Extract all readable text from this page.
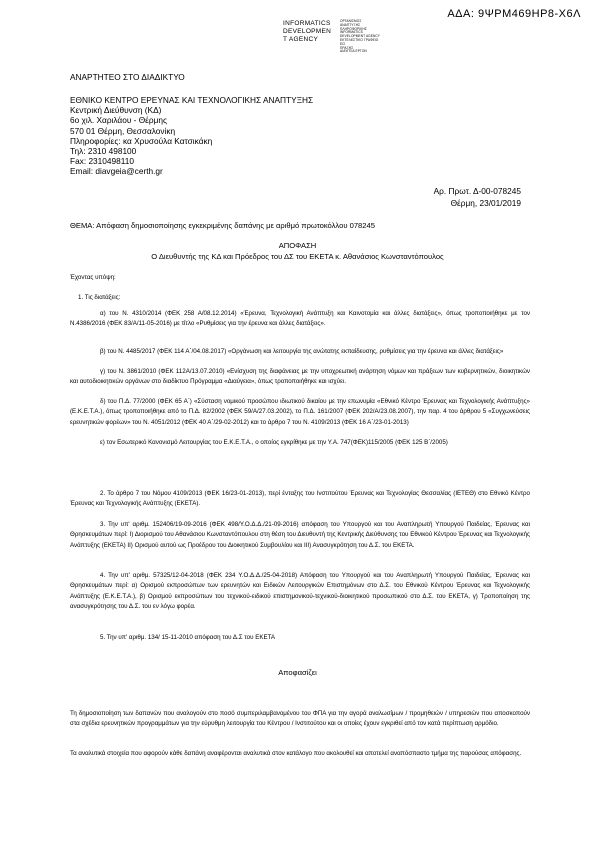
ΑΔΑ: 9ΨΡΜ469ΗΡ8-Χ6Λ
INFORMATICS
DEVELOPMEN
T AGENCY
ΟΡΓΑΝΙΣΜΟΣ
ΑΝΑΠΤΥΞΗΣ
ΠΛΗΡΟΦΟΡΙΚΗΣ
INFORMATICS
DEVELOPMENT AGENCY
ΕΚΤΕΛΕΣΤΙΚΟ ΓΡΑΦΕΙΟ
ΕΙΣ
ΠΡΑΞΗΣ
ΔΙΑΥΓΕΙΑ ΕΡΓΟΝ
ΑΝΑΡΤΗΤΕΟ ΣΤΟ ΔΙΑΔΙΚΤΥΟ
ΕΘΝΙΚΟ ΚΕΝΤΡΟ ΕΡΕΥΝΑΣ ΚΑΙ ΤΕΧΝΟΛΟΓΙΚΗΣ ΑΝΑΠΤΥΞΗΣ
Κεντρική Διεύθυνση (ΚΔ)
6ο χιλ. Χαριλάου - Θέρμης
570 01 Θέρμη, Θεσσαλονίκη
Πληροφορίες: κα Χρυσούλα Κατσικάκη
Τηλ: 2310 498100
Fax: 2310498110
Email: diavgeia@certh.gr
Αρ. Πρωτ. Δ-00-078245
Θέρμη, 23/01/2019
ΘΕΜΑ: Απόφαση δημοσιοποίησης εγκεκριμένης δαπάνης με αριθμό πρωτοκόλλου 078245
ΑΠΟΦΑΣΗ
Ο Διευθυντής της ΚΔ και Πρόεδρος του ΔΣ του ΕΚΕΤΑ κ. Αθανάσιος Κωνσταντόπουλος
Έχοντας υπόψη:
1. Τις διατάξεις:
α) του Ν. 4310/2014 (ΦΕΚ 258 Α/08.12.2014) «Έρευνα, Τεχνολογική Ανάπτυξη και Καινοτομία και άλλες διατάξεις», όπως τροποποιήθηκε με τον Ν.4386/2016 (ΦΕΚ 83/Α/11-05-2016) με τίτλο «Ρυθμίσεις για την έρευνα και άλλες διατάξεις».
β) του Ν. 4485/2017 (ΦΕΚ 114 Α΄/04.08.2017) «Οργάνωση και λειτουργία της ανώτατης εκπαίδευσης, ρυθμίσεις για την έρευνα και άλλες διατάξεις»
γ) του Ν. 3861/2010 (ΦΕΚ 112Α/13.07.2010) «Ενίσχυση της διαφάνειας με την υποχρεωτική ανάρτηση νόμων και πράξεων των κυβερνητικών, διοικητικών και αυτοδιοικητικών οργάνων στο διαδίκτυο Πρόγραμμα «Διαύγεια», όπως τροποποιήθηκε και ισχύει.
δ) του Π.Δ. 77/2000 (ΦΕΚ 65 Α΄) «Σύσταση νομικού προσώπου ιδιωτικού δικαίου με την επωνυμία «Εθνικό Κέντρο Έρευνας και Τεχνολογικής Ανάπτυξης» (Ε.Κ.Ε.Τ.Α.), όπως τροποποιήθηκε από το Π.Δ. 82/2002 (ΦΕΚ 59/Α/27.03.2002), το Π.Δ. 161/2007 (ΦΕΚ 202/Α/23.08.2007), την παρ. 4 του άρθρου 5 «Συγχωνεύσεις ερευνητικών φορέων» του Ν. 4051/2012 (ΦΕΚ 40 Α΄/29-02-2012) και το άρθρο 7 του Ν. 4109/2013 (ΦΕΚ 16 Α΄/23-01-2013)
ε) τον Εσωτερικό Κανονισμό Λειτουργίας του Ε.Κ.Ε.Τ.Α., ο οποίος εγκρίθηκε με την Υ.Α. 747(ΦΕΚ)115/2005 (ΦΕΚ 125 Β΄/2005)
2. Το άρθρο 7 του Νόμου 4109/2013 (ΦΕΚ 16/23-01-2013), περί ένταξης του Ινστιτούτου Έρευνας και Τεχνολογίας Θεσσαλίας (ΙΕΤΕΘ) στο Εθνικό Κέντρο Έρευνας και Τεχνολογικής Ανάπτυξης (ΕΚΕΤΑ).
3. Την υπ' αριθμ. 152406/19-09-2016 (ΦΕΚ 498/Υ.Ο.Δ.Δ./21-09-2016) απόφαση του Υπουργού και του Αναπληρωτή Υπουργού Παιδείας, Έρευνας και Θρησκευμάτων περί: I) Διορισμού του Αθανάσιου Κωνσταντόπουλου στη θέση του Διευθυντή της Κεντρικής Διεύθυνσης του Εθνικού Κέντρου Έρευνας και Τεχνολογικής Ανάπτυξης (ΕΚΕΤΑ) II) Ορισμού αυτού ως Προέδρου του Διοικητικού Συμβουλίου και III) Ανασυγκρότηση του Δ.Σ. του ΕΚΕΤΑ.
4. Την υπ' αριθμ. 57325/12-04-2018 (ΦΕΚ 234 Υ.Ο.Δ.Δ./25-04-2018) Απόφαση του Υπουργού και του Αναπληρωτή Υπουργού Παιδείας, Έρευνας και Θρησκευμάτων περί: α) Ορισμού εκπροσώπων των ερευνητών και Ειδικών Λειτουργικών Επιστημόνων στο Δ.Σ. του Εθνικού Κέντρου Έρευνας και Τεχνολογικής Ανάπτυξης (Ε.Κ.Ε.Τ.Α.), β) Ορισμού εκπροσώπων του τεχνικού-ειδικού επιστημονικού-τεχνικού-διοικητικού προσωπικού στο Δ.Σ. του ΕΚΕΤΑ, γ) Τροποποίηση της ανασυγκρότησης του Δ.Σ. του εν λόγω φορέα.
5. Την υπ' αριθμ. 134/ 15-11-2010 απόφαση του Δ.Σ του ΕΚΕΤΑ
Αποφασίζει
Τη δημοσιοποίηση των δαπανών που αναλογούν στο ποσό συμπεριλαμβανομένου του ΦΠΑ για την αγορά αναλωσίμων / προμηθειών / υπηρεσιών που αποσκοπούν στα σχέδια ερευνητικών προγραμμάτων για την εύρυθμη λειτουργία του Κέντρου / Ινστιτούτου και οι οποίες έχουν εγκριθεί από τον κατά περίπτωση αρμόδιο.
Τα αναλυτικά στοιχεία που αφορούν κάθε δαπάνη αναφέρονται αναλυτικά στον κατάλογο που ακολουθεί και αποτελεί αναπόσπαστο τμήμα της παρούσας απόφασης.
